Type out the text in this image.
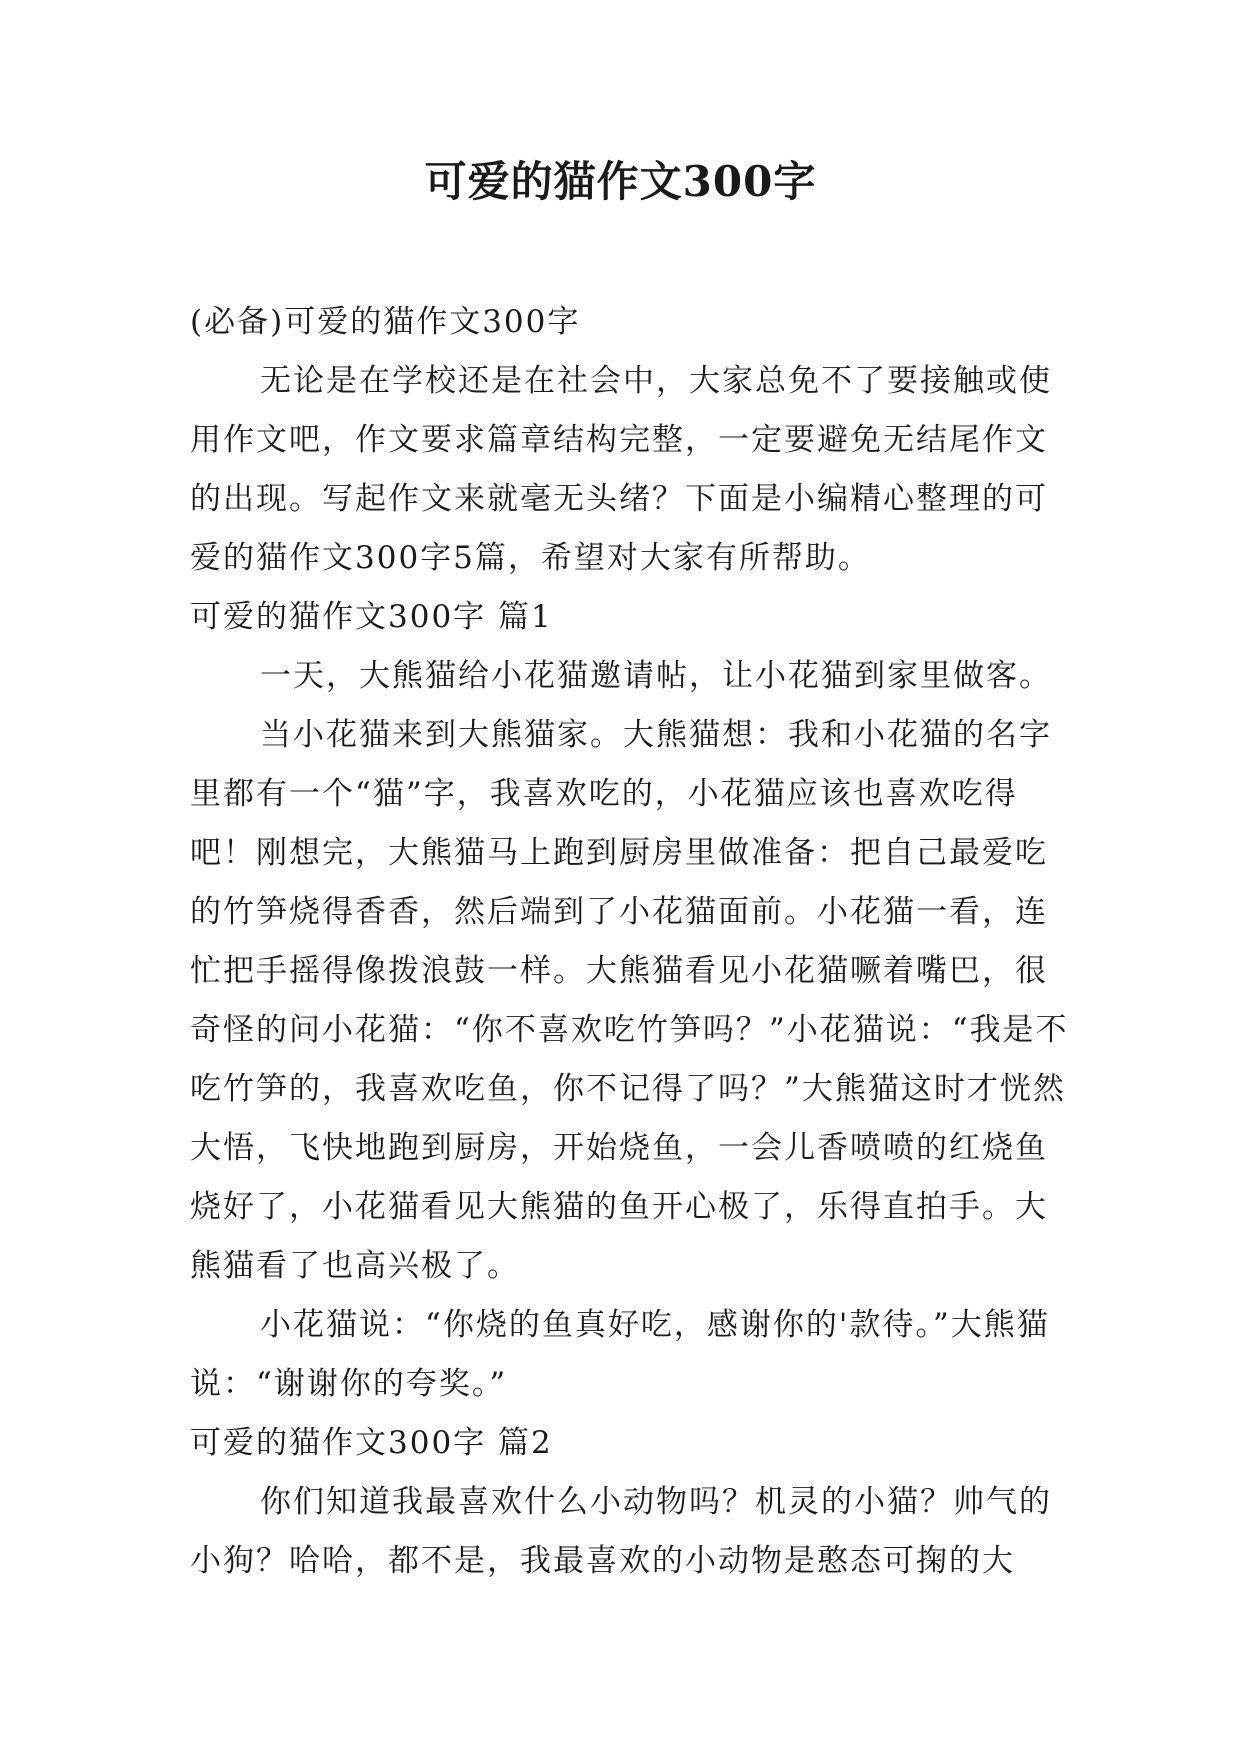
可爱的猫作文300字

(必备)可爱的猫作文300字

无论是在学校还是在社会中，大家总免不了要接触或使用作文吧，作文要求篇章结构完整，一定要避免无结尾作文的出现。写起作文来就毫无头绪？下面是小编精心整理的可爱的猫作文300字5篇，希望对大家有所帮助。

可爱的猫作文300字 篇1

一天，大熊猫给小花猫邀请帖，让小花猫到家里做客。

当小花猫来到大熊猫家。大熊猫想：我和小花猫的名字里都有一个“猫”字，我喜欢吃的，小花猫应该也喜欢吃得吧！刚想完，大熊猫马上跑到厨房里做准备：把自己最爱吃的竹笋烧得香香，然后端到了小花猫面前。小花猫一看，连忙把手摇得像拨浪鼓一样。大熊猫看见小花猫噘着嘴巴，很奇怪的问小花猫：“你不喜欢吃竹笋吗？”小花猫说：“我是不吃竹笋的，我喜欢吃鱼，你不记得了吗？”大熊猫这时才恍然大悟，飞快地跑到厨房，开始烧鱼，一会儿香喷喷的红烧鱼烧好了，小花猫看见大熊猫的鱼开心极了，乐得直拍手。大熊猫看了也高兴极了。

小花猫说：“你烧的鱼真好吃，感谢你的'款待。”大熊猫说：“谢谢你的夸奖。”

可爱的猫作文300字 篇2

你们知道我最喜欢什么小动物吗？机灵的小猫？帅气的小狗？哈哈，都不是，我最喜欢的小动物是憨态可掬的大
